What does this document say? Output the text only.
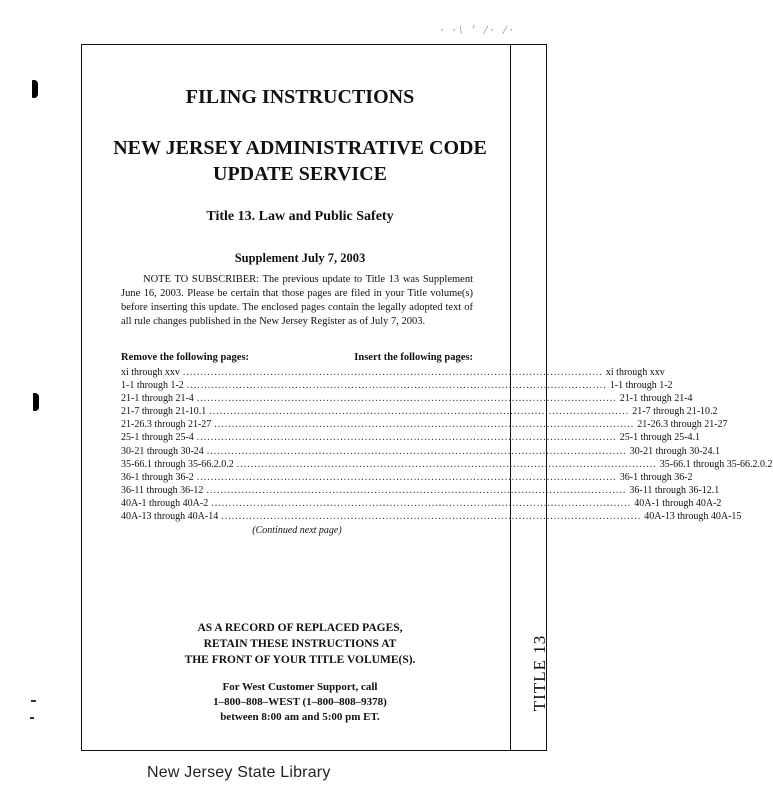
· ·\ ′ /· /·
TITLE 13
FILING INSTRUCTIONS
NEW JERSEY ADMINISTRATIVE CODE
UPDATE SERVICE
Title 13. Law and Public Safety
Supplement July 7, 2003
NOTE TO SUBSCRIBER: The previous update to Title 13 was Supplement June 16, 2003. Please be certain that those pages are filed in your Title volume(s) before inserting this update. The enclosed pages contain the legally adopted text of all rule changes published in the New Jersey Register as of July 7, 2003.
Remove the following pages:	Insert the following pages:
xi through xxv ........................................................................................................................ xi through xxv
1-1 through 1-2 ........................................................................................................................ 1-1 through 1-2
21-1 through 21-4 ........................................................................................................................ 21-1 through 21-4
21-7 through 21-10.1 ........................................................................................................................ 21-7 through 21-10.2
21-26.3 through 21-27 ........................................................................................................................ 21-26.3 through 21-27
25-1 through 25-4 ........................................................................................................................ 25-1 through 25-4.1
30-21 through 30-24 ........................................................................................................................ 30-21 through 30-24.1
35-66.1 through 35-66.2.0.2 ........................................................................................................................ 35-66.1 through 35-66.2.0.2
36-1 through 36-2 ........................................................................................................................ 36-1 through 36-2
36-11 through 36-12 ........................................................................................................................ 36-11 through 36-12.1
40A-1 through 40A-2 ........................................................................................................................ 40A-1 through 40A-2
40A-13 through 40A-14 ........................................................................................................................ 40A-13 through 40A-15
(Continued next page)
AS A RECORD OF REPLACED PAGES,
RETAIN THESE INSTRUCTIONS AT
THE FRONT OF YOUR TITLE VOLUME(S).
For West Customer Support, call
1–800–808–WEST (1–800–808–9378)
between 8:00 am and 5:00 pm ET.
New Jersey State Library
